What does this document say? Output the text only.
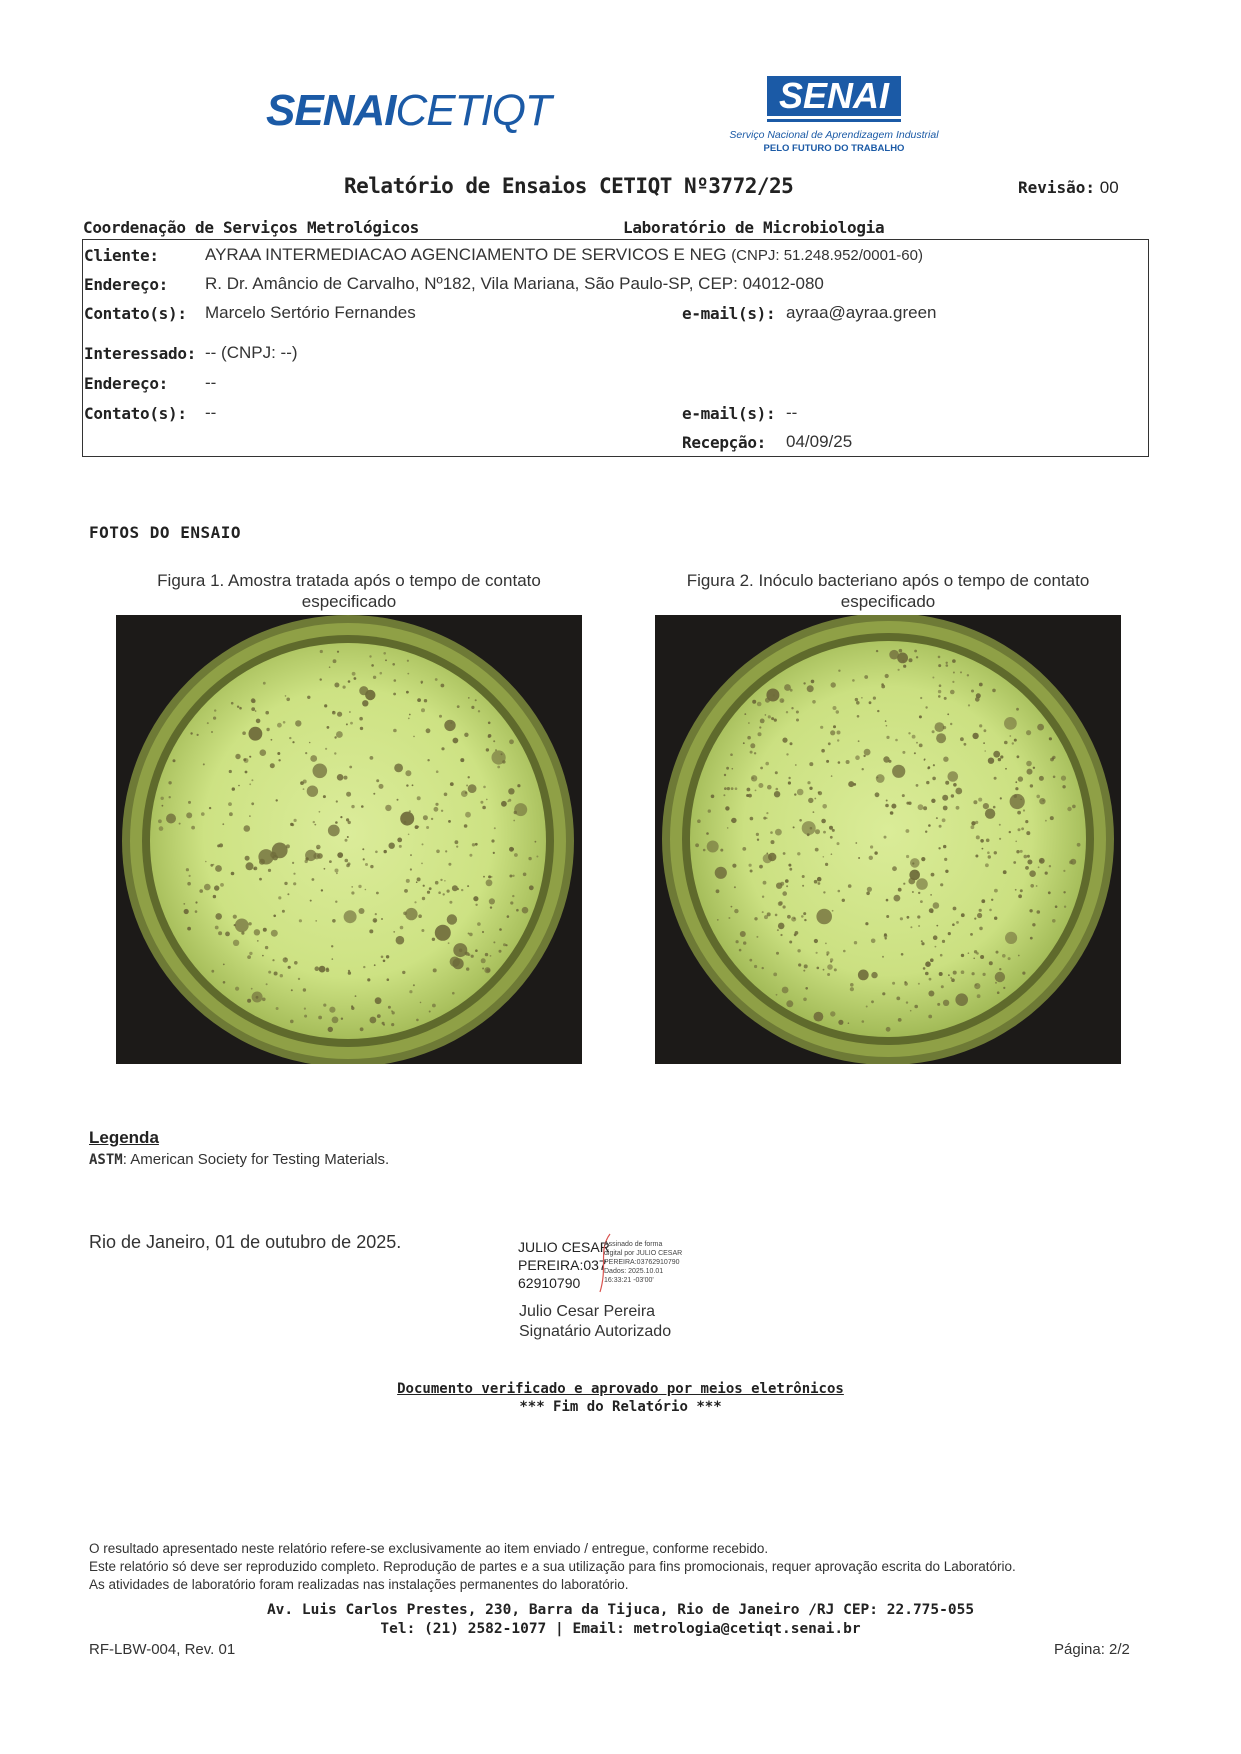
SENAICETIQT	SENAI
Serviço Nacional de Aprendizagem Industrial
PELO FUTURO DO TRABALHO
Relatório de Ensaios CETIQT Nº3772/25	Revisão: 00
Coordenação de Serviços Metrológicos	Laboratório de Microbiologia
Cliente:	AYRAA INTERMEDIACAO AGENCIAMENTO DE SERVICOS E NEG (CNPJ: 51.248.952/0001-60)
Endereço: R. Dr. Amâncio de Carvalho, Nº182, Vila Mariana, São Paulo-SP, CEP: 04012-080
Contato(s): Marcelo Sertório Fernandes	e-mail(s): ayraa@ayraa.green
Interessado: -- (CNPJ: --)
Endereço: --
Contato(s): --	e-mail(s): --
Recepção: 04/09/25
FOTOS DO ENSAIO
Figura 1. Amostra tratada após o tempo de contato especificado
Figura 2. Inóculo bacteriano após o tempo de contato especificado
Legenda
ASTM: American Society for Testing Materials.
Rio de Janeiro, 01 de outubro de 2025.	JULIO CESAR
PEREIRA:037
62910790
Assinado de forma
digital por JULIO CESAR
PEREIRA:03762910790
Dados: 2025.10.01
16:33:21 -03'00'
Julio Cesar Pereira
Signatário Autorizado
Documento verificado e aprovado por meios eletrônicos
*** Fim do Relatório ***
O resultado apresentado neste relatório refere-se exclusivamente ao item enviado / entregue, conforme recebido.
Este relatório só deve ser reproduzido completo. Reprodução de partes e a sua utilização para fins promocionais, requer aprovação escrita do Laboratório.
As atividades de laboratório foram realizadas nas instalações permanentes do laboratório.
Av. Luis Carlos Prestes, 230, Barra da Tijuca, Rio de Janeiro /RJ CEP: 22.775-055
Tel: (21) 2582-1077 | Email: metrologia@cetiqt.senai.br
RF-LBW-004, Rev. 01	Página: 2/2
